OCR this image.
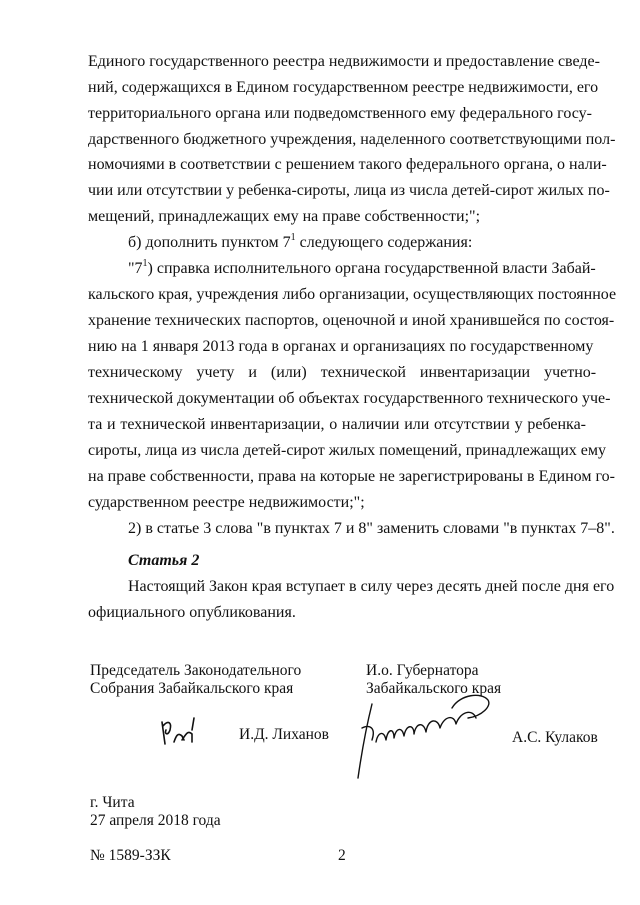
Единого государственного реестра недвижимости и предоставление сведе-
ний, содержащихся в Едином государственном реестре недвижимости, его
территориального органа или подведомственного ему федерального госу-
дарственного бюджетного учреждения, наделенного соответствующими пол-
номочиями в соответствии с решением такого федерального органа, о нали-
чии или отсутствии у ребенка-сироты, лица из числа детей-сирот жилых по-
мещений, принадлежащих ему на праве собственности;";
б) дополнить пунктом $7^1$ следующего содержания:
"$7^1$) справка исполнительного органа государственной власти Забай-
кальского края, учреждения либо организации, осуществляющих постоянное
хранение технических паспортов, оценочной и иной хранившейся по состоя-
нию на 1 января 2013 года в органах и организациях по государственному
техническому учету и (или) технической инвентаризации учетно-
технической документации об объектах государственного технического уче-
та и технической инвентаризации, о наличии или отсутствии у ребенка-
сироты, лица из числа детей-сирот жилых помещений, принадлежащих ему
на праве собственности, права на которые не зарегистрированы в Едином го-
сударственном реестре недвижимости;";
2) в статье 3 слова "в пунктах 7 и 8" заменить словами "в пунктах 7–8".
Статья 2
Настоящий Закон края вступает в силу через десять дней после дня его
официального опубликования.
Председатель Законодательного
Собрания Забайкальского края
И.о. Губернатора
Забайкальского края
И.Д. Лиханов	А.С. Кулаков
г. Чита
27 апреля 2018 года
№ 1589-ЗЗК	2
